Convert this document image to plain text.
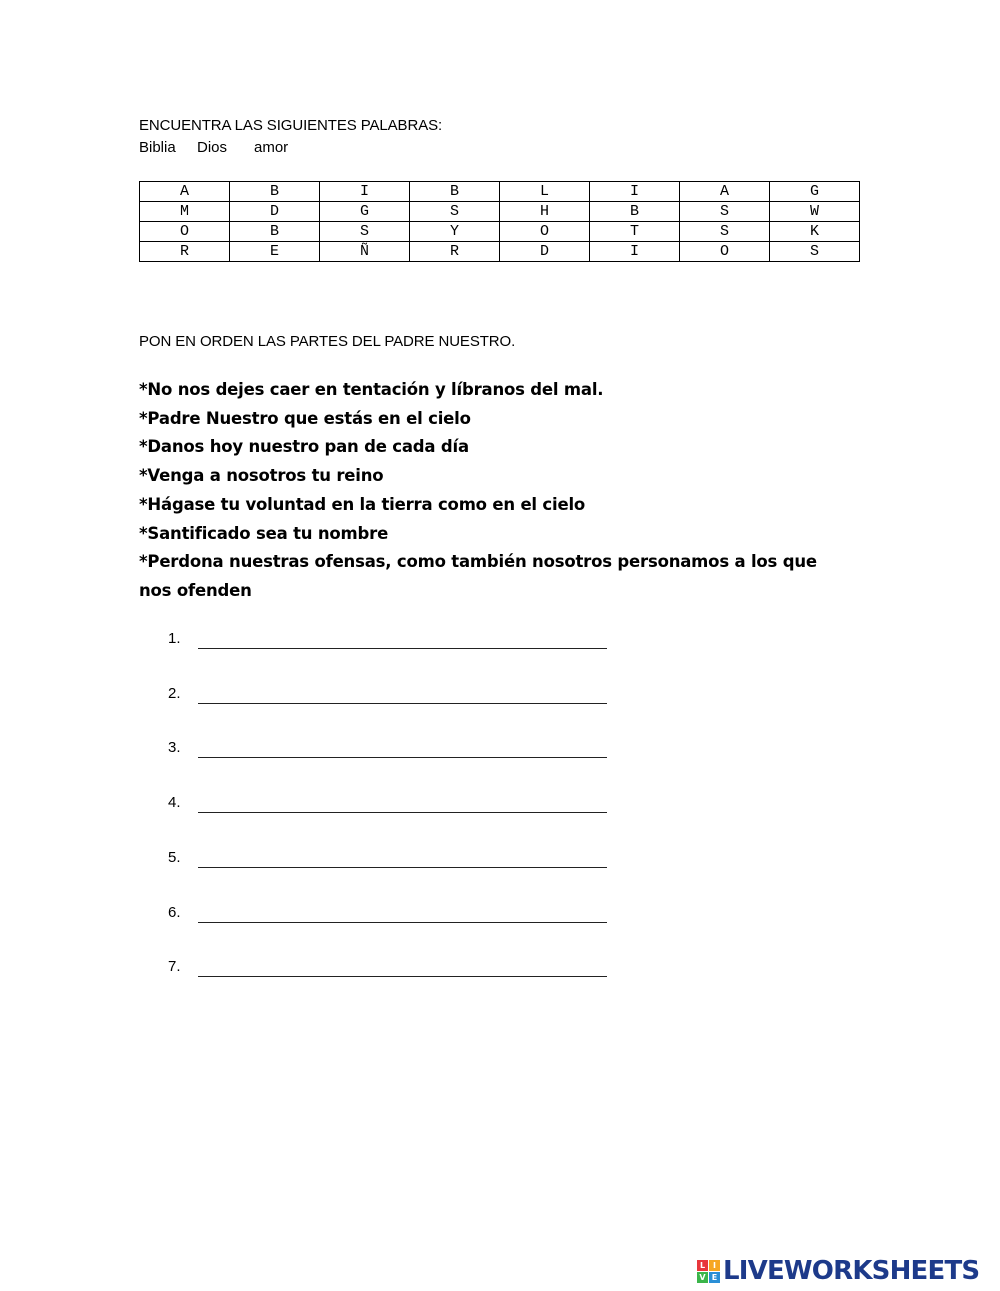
ENCUENTRA LAS SIGUIENTES PALABRAS:
Biblia	Dios	amor
A	B	I	B	L	I	A	G
M	D	G	S	H	B	S	W
O	B	S	Y	O	T	S	K
R	E	Ñ	R	D	I	O	S
PON EN ORDEN LAS PARTES DEL PADRE NUESTRO.
*No nos dejes caer en tentación y líbranos del mal.
*Padre Nuestro que estás en el cielo
*Danos hoy nuestro pan de cada día
*Venga a nosotros tu reino
*Hágase tu voluntad en la tierra como en el cielo
*Santificado sea tu nombre
*Perdona nuestras ofensas, como también nosotros personamos a los que nos ofenden
1.
2.
3.
4.
5.
6.
7.
L I
V E LIVEWORKSHEETS
